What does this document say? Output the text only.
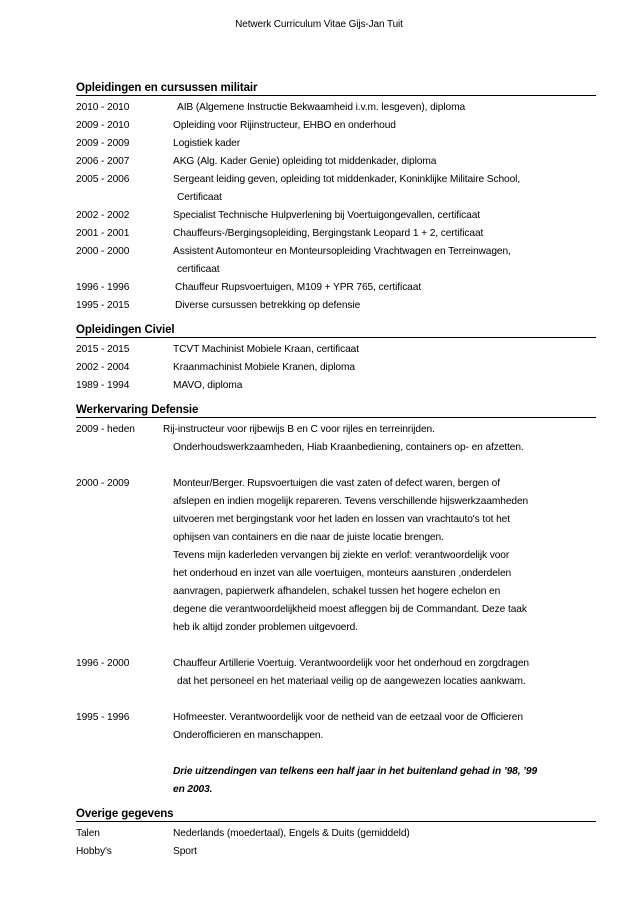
Netwerk Curriculum Vitae Gijs-Jan Tuit
Opleidingen en cursussen militair
2010 - 2010	AIB (Algemene Instructie Bekwaamheid i.v.m. lesgeven), diploma
2009 - 2010	Opleiding voor Rijinstructeur, EHBO en onderhoud
2009 - 2009	Logistiek kader
2006 - 2007	AKG (Alg. Kader Genie) opleiding tot middenkader, diploma
2005 - 2006	Sergeant leiding geven, opleiding tot middenkader, Koninklijke Militaire School,
Certificaat
2002 - 2002	Specialist Technische Hulpverlening bij Voertuigongevallen, certificaat
2001 - 2001	Chauffeurs-/Bergingsopleiding, Bergingstank Leopard 1 + 2, certificaat
2000 - 2000	Assistent Automonteur en Monteursopleiding Vrachtwagen en Terreinwagen,
certificaat
1996 - 1996	Chauffeur Rupsvoertuigen, M109 + YPR 765, certificaat
1995 - 2015	Diverse cursussen betrekking op defensie
Opleidingen Civiel
2015 - 2015	TCVT Machinist Mobiele Kraan, certificaat
2002 - 2004	Kraanmachinist Mobiele Kranen, diploma
1989 - 1994	MAVO, diploma
Werkervaring Defensie
2009 - heden	Rij-instructeur voor rijbewijs B en C voor rijles en terreinrijden.
Onderhoudswerkzaamheden, Hiab Kraanbediening, containers op- en afzetten.
2000 - 2009	Monteur/Berger. Rupsvoertuigen die vast zaten of defect waren, bergen of
afslepen en indien mogelijk repareren. Tevens verschillende hijswerkzaamheden
uitvoeren met bergingstank voor het laden en lossen van vrachtauto's tot het
ophijsen van containers en die naar de juiste locatie brengen.
Tevens mijn kaderleden vervangen bij ziekte en verlof: verantwoordelijk voor
het onderhoud en inzet van alle voertuigen, monteurs aansturen ,onderdelen
aanvragen, papierwerk afhandelen, schakel tussen het hogere echelon en
degene die verantwoordelijkheid moest afleggen bij de Commandant. Deze taak
heb ik altijd zonder problemen uitgevoerd.
1996 - 2000	Chauffeur Artillerie Voertuig. Verantwoordelijk voor het onderhoud en zorgdragen
dat het personeel en het materiaal veilig op de aangewezen locaties aankwam.
1995 - 1996	Hofmeester. Verantwoordelijk voor de netheid van de eetzaal voor de Officieren
Onderofficieren en manschappen.
Drie uitzendingen van telkens een half jaar in het buitenland gehad in ’98, ’99
en 2003.
Overige gegevens
Talen	Nederlands (moedertaal), Engels & Duits (gemiddeld)
Hobby's	Sport
